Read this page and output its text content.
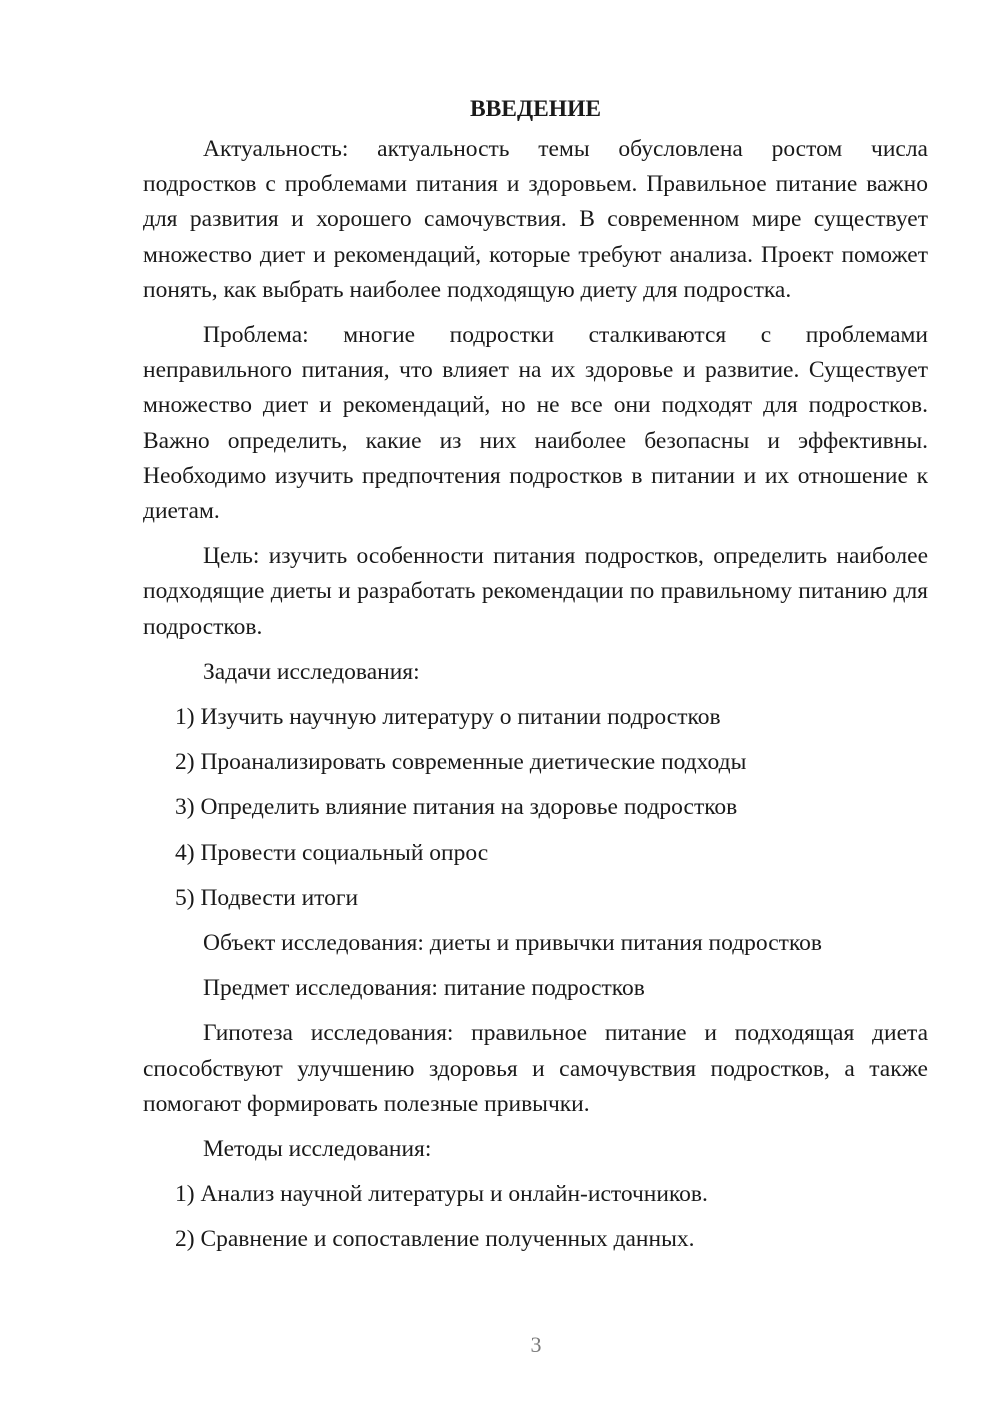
ВВЕДЕНИЕ

Актуальность: актуальность темы обусловлена ростом числа подростков с проблемами питания и здоровьем. Правильное питание важно для развития и хорошего самочувствия. В современном мире существует множество диет и рекомендаций, которые требуют анализа. Проект поможет понять, как выбрать наиболее подходящую диету для подростка.

Проблема: многие подростки сталкиваются с проблемами неправильного питания, что влияет на их здоровье и развитие. Существует множество диет и рекомендаций, но не все они подходят для подростков. Важно определить, какие из них наиболее безопасны и эффективны. Необходимо изучить предпочтения подростков в питании и их отношение к диетам.

Цель: изучить особенности питания подростков, определить наиболее подходящие диеты и разработать рекомендации по правильному питанию для подростков.

Задачи исследования:
1) Изучить научную литературу о питании подростков
2) Проанализировать современные диетические подходы
3) Определить влияние питания на здоровье подростков
4) Провести социальный опрос
5) Подвести итоги
Объект исследования: диеты и привычки питания подростков
Предмет исследования: питание подростков

Гипотеза исследования: правильное питание и подходящая диета способствуют улучшению здоровья и самочувствия подростков, а также помогают формировать полезные привычки.

Методы исследования:
1) Анализ научной литературы и онлайн-источников.
2) Сравнение и сопоставление полученных данных.
3
